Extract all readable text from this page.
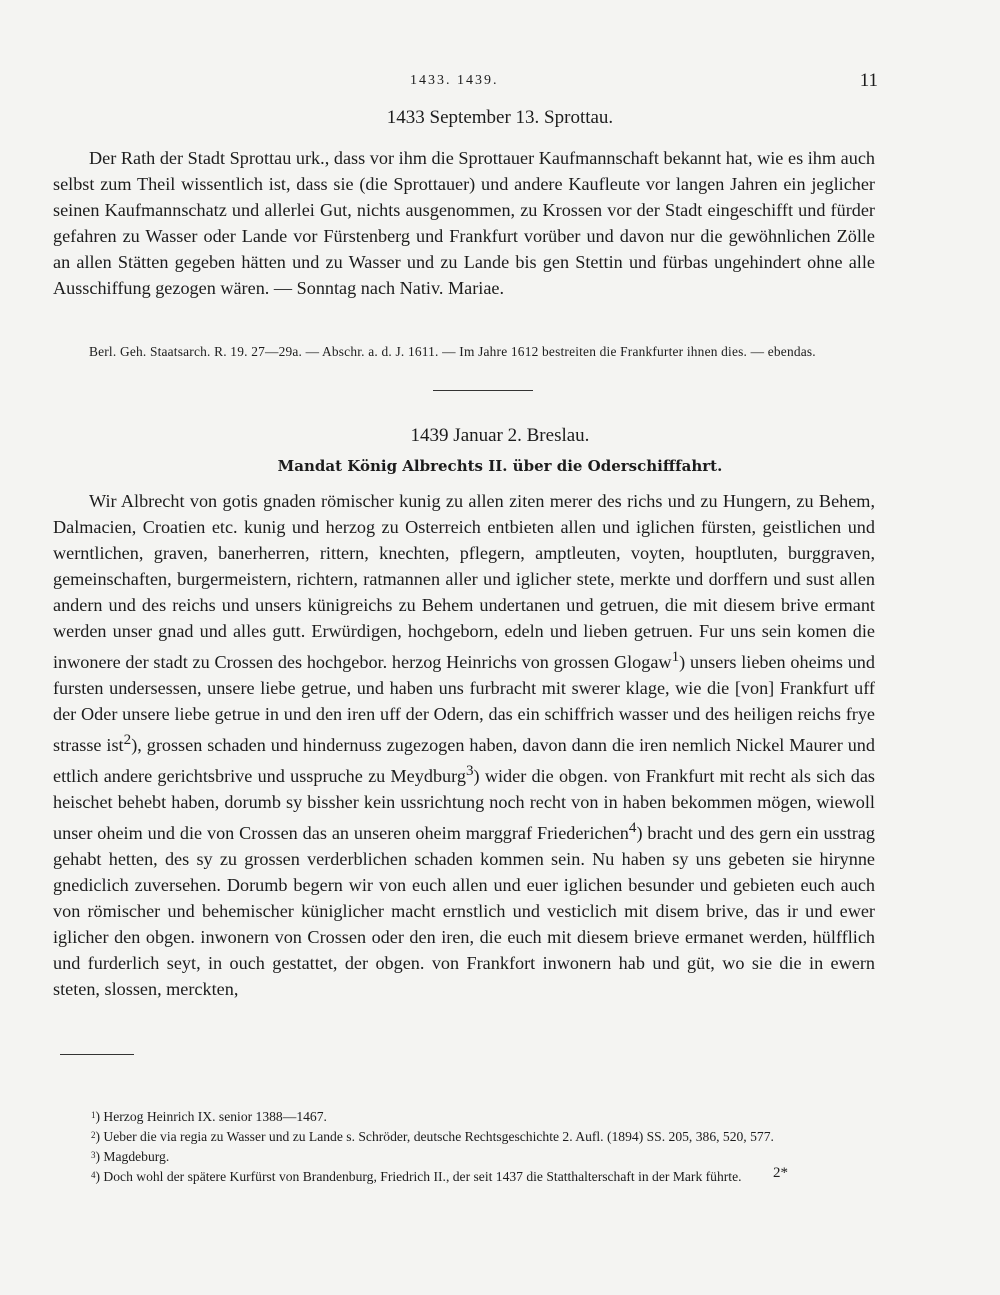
1433. 1439.	11
1433 September 13. Sprottau.

Der Rath der Stadt Sprottau urk., dass vor ihm die Sprottauer Kaufmannschaft bekannt hat, wie es ihm auch selbst zum Theil wissentlich ist, dass sie (die Sprottauer) und andere Kaufleute vor langen Jahren ein jeglicher seinen Kaufmannschatz und allerlei Gut, nichts ausgenommen, zu Krossen vor der Stadt eingeschifft und fürder gefahren zu Wasser oder Lande vor Fürstenberg und Frankfurt vorüber und davon nur die gewöhnlichen Zölle an allen Stätten gegeben hätten und zu Wasser und zu Lande bis gen Stettin und fürbas ungehindert ohne alle Ausschiffung gezogen wären. — Sonntag nach Nativ. Mariae.

Berl. Geh. Staatsarch. R. 19. 27—29a. — Abschr. a. d. J. 1611. — Im Jahre 1612 bestreiten die Frankfurter ihnen dies. — ebendas.

1439 Januar 2. Breslau.
Mandat König Albrechts II. über die Oderschifffahrt.

Wir Albrecht von gotis gnaden römischer kunig zu allen ziten merer des richs und zu Hungern, zu Behem, Dalmacien, Croatien etc. kunig und herzog zu Osterreich entbieten allen und iglichen fürsten, geistlichen und werntlichen, graven, banerherren, rittern, knechten, pflegern, amptleuten, voyten, houptluten, burggraven, gemeinschaften, burgermeistern, richtern, ratmannen aller und iglicher stete, merkte und dorffern und sust allen andern und des reichs und unsers künigreichs zu Behem undertanen und getruen, die mit diesem brive ermant werden unser gnad und alles gutt. Erwürdigen, hochgeborn, edeln und lieben getruen. Fur uns sein komen die inwonere der stadt zu Crossen des hochgebor. herzog Heinrichs von grossen Glogaw$^1$) unsers lieben oheims und fursten undersessen, unsere liebe getrue, und haben uns furbracht mit swerer klage, wie die [von] Frankfurt uff der Oder unsere liebe getrue in und den iren uff der Odern, das ein schiffrich wasser und des heiligen reichs frye strasse ist$^2$), grossen schaden und hindernuss zugezogen haben, davon dann die iren nemlich Nickel Maurer und ettlich andere gerichtsbrive und usspruche zu Meydburg$^3$) wider die obgen. von Frankfurt mit recht als sich das heischet behebt haben, dorumb sy bissher kein ussrichtung noch recht von in haben bekommen mögen, wiewoll unser oheim und die von Crossen das an unseren oheim marggraf Friederichen$^4$) bracht und des gern ein usstrag gehabt hetten, des sy zu grossen verderblichen schaden kommen sein. Nu haben sy uns gebeten sie hirynne gnediclich zuversehen. Dorumb begern wir von euch allen und euer iglichen besunder und gebieten euch auch von römischer und behemischer küniglicher macht ernstlich und vesticlich mit disem brive, das ir und ewer iglicher den obgen. inwonern von Crossen oder den iren, die euch mit diesem brieve ermanet werden, hülfflich und furderlich seyt, in ouch gestattet, der obgen. von Frankfort inwonern hab und güt, wo sie die in ewern steten, slossen, merckten,

$^1$) Herzog Heinrich IX. senior 1388—1467.
$^2$) Ueber die via regia zu Wasser und zu Lande s. Schröder, deutsche Rechtsgeschichte 2. Aufl. (1894) SS. 205, 386, 520, 577.
$^3$) Magdeburg.
$^4$) Doch wohl der spätere Kurfürst von Brandenburg, Friedrich II., der seit 1437 die Statthalterschaft in der Mark führte.	2*
